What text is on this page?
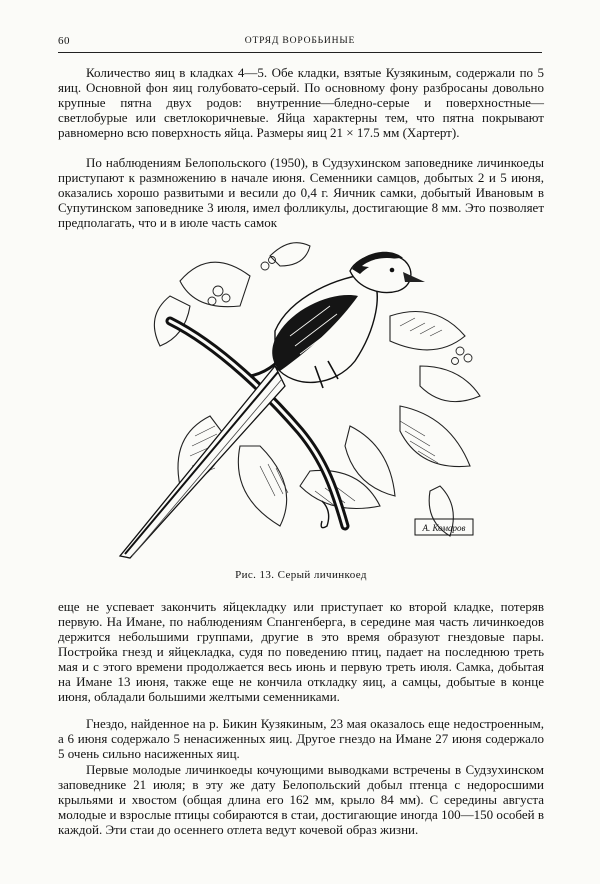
60	ОТРЯД ВОРОБЬИНЫЕ

Количество яиц в кладках 4—5. Обе кладки, взятые Кузякиным, содержали по 5 яиц. Основной фон яиц голубовато-серый. По основному фону разбросаны довольно крупные пятна двух родов: внутренние—бледно-серые и поверхностные—светлобурые или светлокоричневые. Яйца характерны тем, что пятна покрывают равномерно всю поверхность яйца. Размеры яиц 21 × 17.5 мм (Хартерт).

По наблюдениям Белопольского (1950), в Судзухинском заповеднике личинкоеды приступают к размножению в начале июня. Семенники самцов, добытых 2 и 5 июня, оказались хорошо развитыми и весили до 0,4 г. Яичник самки, добытый Ивановым в Супутинском заповеднике 3 июля, имел фолликулы, достигающие 8 мм. Это позволяет предполагать, что и в июле часть самок

А. Комаров
Рис. 13. Серый личинкоед

еще не успевает закончить яйцекладку или приступает ко второй кладке, потеряв первую. На Имане, по наблюдениям Спангенберга, в середине мая часть личинкоедов держится небольшими группами, другие в это время образуют гнездовые пары. Постройка гнезд и яйцекладка, судя по поведению птиц, падает на последнюю треть мая и с этого времени продолжается весь июнь и первую треть июля. Самка, добытая на Имане 13 июня, также еще не кончила откладку яиц, а самцы, добытые в конце июня, обладали большими желтыми семенниками.

Гнездо, найденное на р. Бикин Кузякиным, 23 мая оказалось еще недостроенным, а 6 июня содержало 5 ненасиженных яиц. Другое гнездо на Имане 27 июня содержало 5 очень сильно насиженных яиц.

Первые молодые личинкоеды кочующими выводками встречены в Судзухинском заповеднике 21 июля; в эту же дату Белопольский добыл птенца с недоросшими крыльями и хвостом (общая длина его 162 мм, крыло 84 мм). С середины августа молодые и взрослые птицы собираются в стаи, достигающие иногда 100—150 особей в каждой. Эти стаи до осеннего отлета ведут кочевой образ жизни.
